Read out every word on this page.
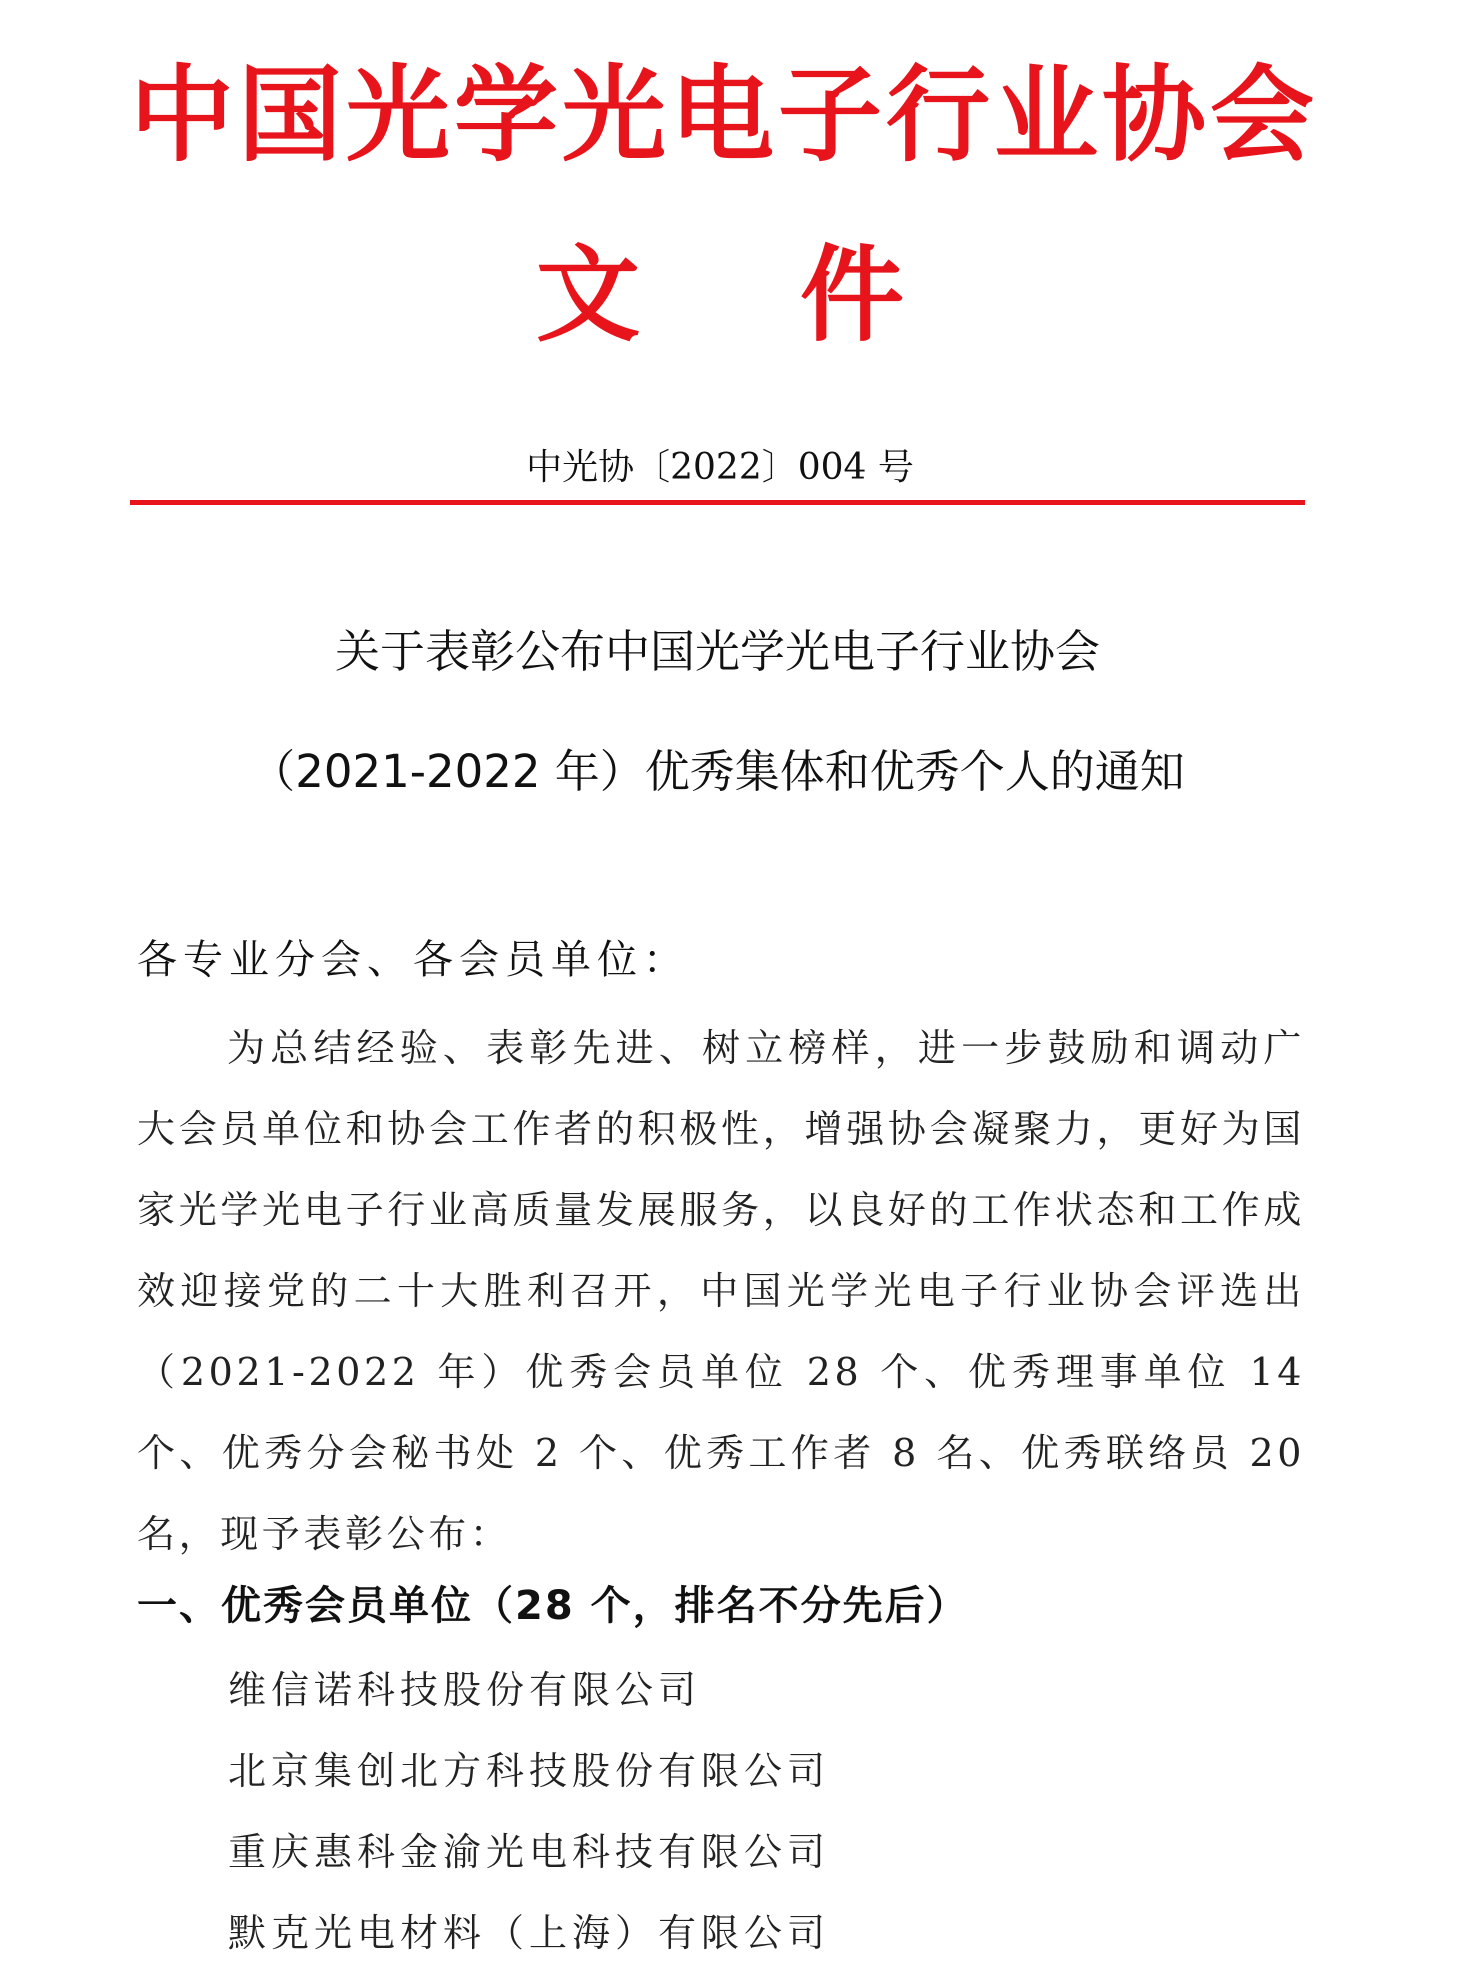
中国光学光电子行业协会
文 件
中光协〔2022〕004 号
关于表彰公布中国光学光电子行业协会
（2021-2022 年）优秀集体和优秀个人的通知
各专业分会、各会员单位：

为总结经验、表彰先进、树立榜样，进一步鼓励和调动广大会员单位和协会工作者的积极性，增强协会凝聚力，更好为国家光学光电子行业高质量发展服务，以良好的工作状态和工作成效迎接党的二十大胜利召开，中国光学光电子行业协会评选出（2021-2022 年）优秀会员单位 28 个、优秀理事单位 14 个、优秀分会秘书处 2 个、优秀工作者 8 名、优秀联络员 20 名，现予表彰公布：

一、优秀会员单位（28 个，排名不分先后）
维信诺科技股份有限公司
北京集创北方科技股份有限公司
重庆惠科金渝光电科技有限公司
默克光电材料（上海）有限公司
